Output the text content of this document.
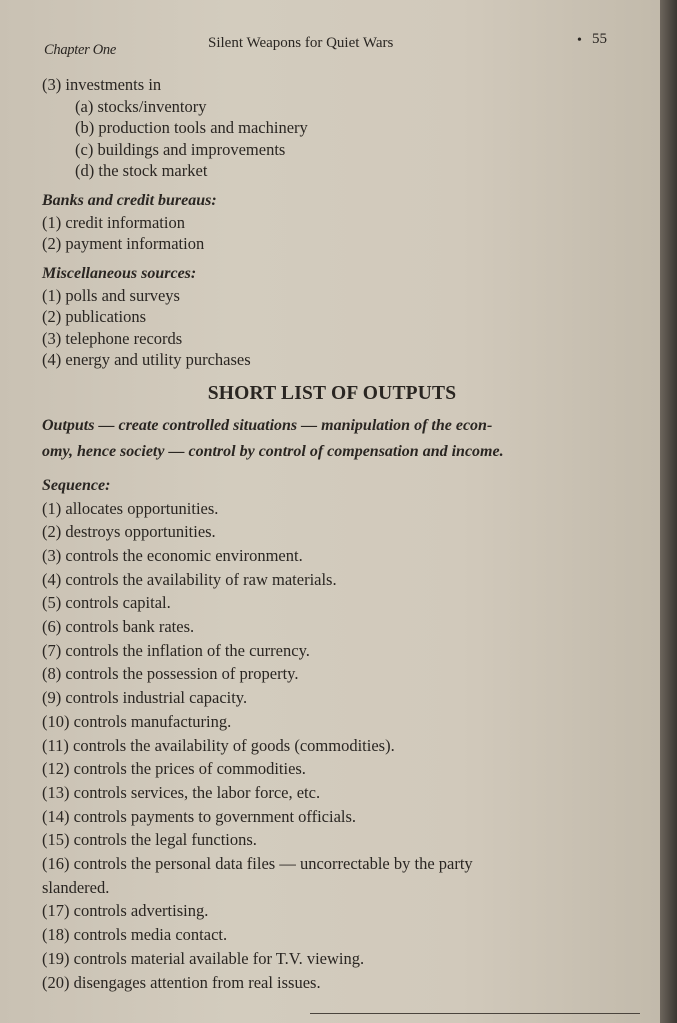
Chapter One	Silent Weapons for Quiet Wars	• 55
(3) investments in
(a) stocks/inventory
(b) production tools and machinery
(c) buildings and improvements
(d) the stock market
Banks and credit bureaus:
(1) credit information
(2) payment information
Miscellaneous sources:
(1) polls and surveys
(2) publications
(3) telephone records
(4) energy and utility purchases
SHORT LIST OF OUTPUTS
Outputs — create controlled situations — manipulation of the econ-
omy, hence society — control by control of compensation and income.
Sequence:
(1) allocates opportunities.
(2) destroys opportunities.
(3) controls the economic environment.
(4) controls the availability of raw materials.
(5) controls capital.
(6) controls bank rates.
(7) controls the inflation of the currency.
(8) controls the possession of property.
(9) controls industrial capacity.
(10) controls manufacturing.
(11) controls the availability of goods (commodities).
(12) controls the prices of commodities.
(13) controls services, the labor force, etc.
(14) controls payments to government officials.
(15) controls the legal functions.
(16) controls the personal data files — uncorrectable by the party
slandered.
(17) controls advertising.
(18) controls media contact.
(19) controls material available for T.V. viewing.
(20) disengages attention from real issues.
